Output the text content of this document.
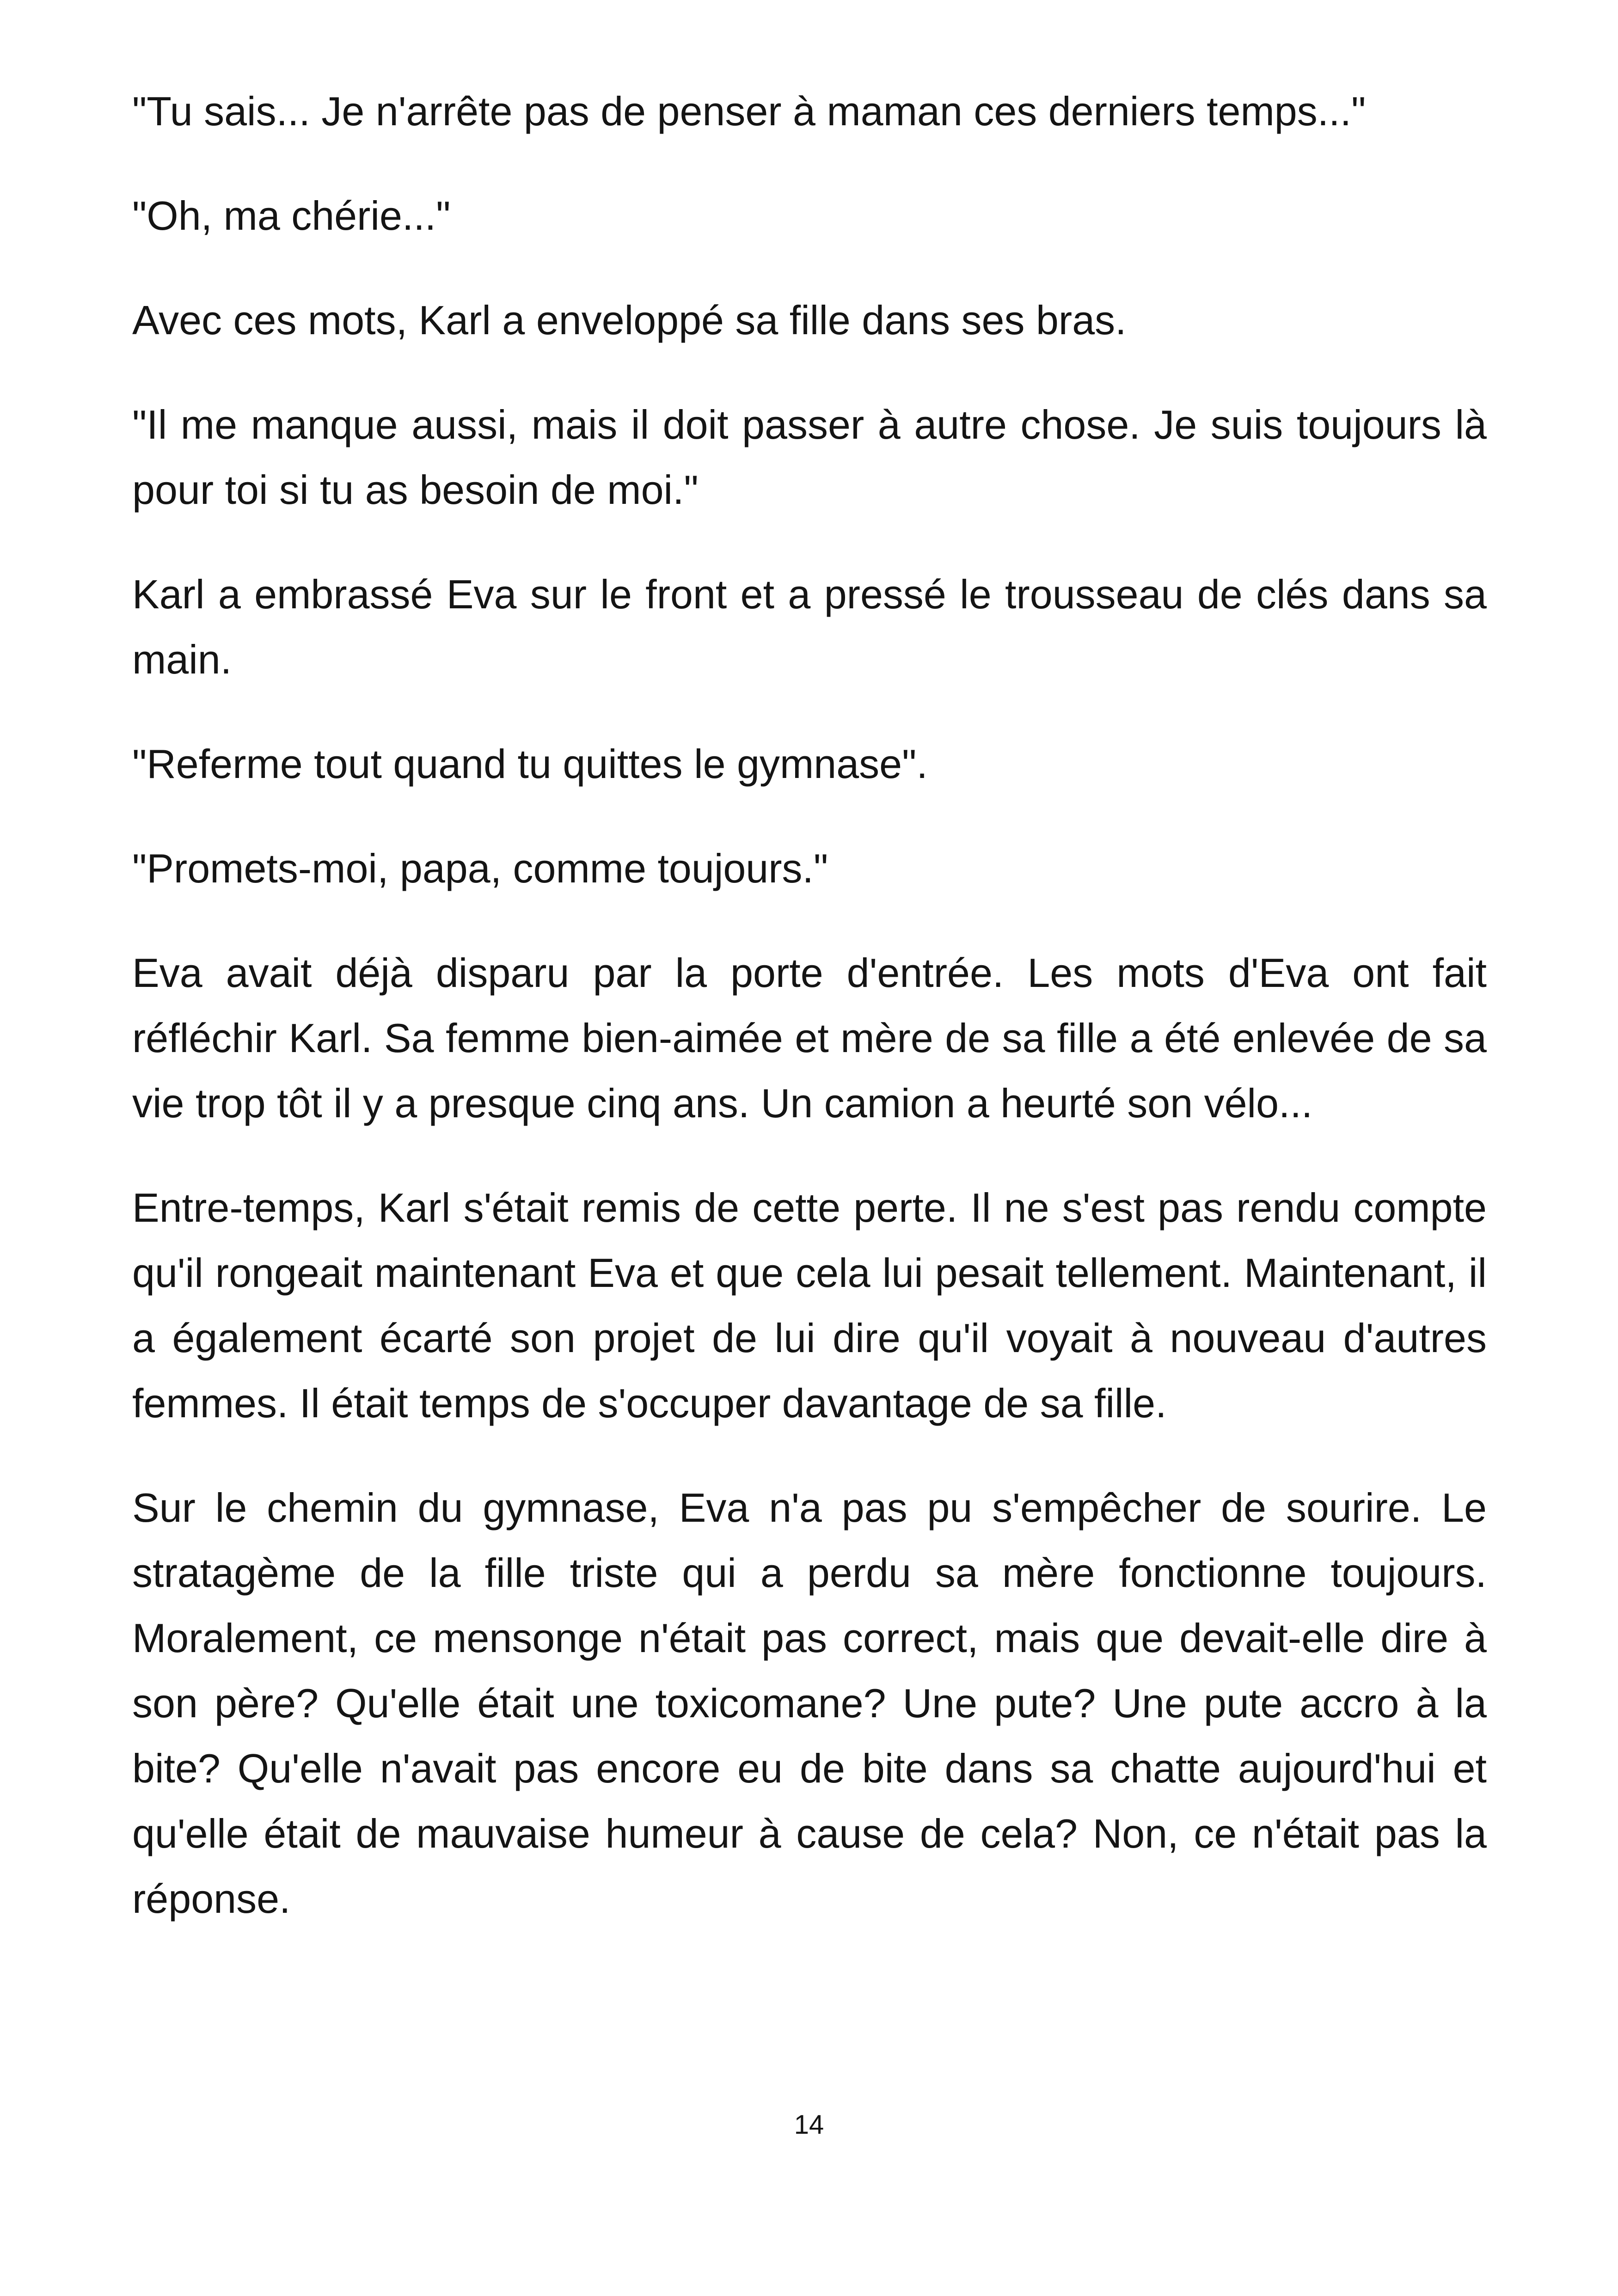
"Tu sais... Je n'arrête pas de penser à maman ces derniers temps..."

"Oh, ma chérie..."

Avec ces mots, Karl a enveloppé sa fille dans ses bras.

"Il me manque aussi, mais il doit passer à autre chose. Je suis toujours là pour toi si tu as besoin de moi."

Karl a embrassé Eva sur le front et a pressé le trousseau de clés dans sa main.

"Referme tout quand tu quittes le gymnase".

"Promets-moi, papa, comme toujours."

Eva avait déjà disparu par la porte d'entrée. Les mots d'Eva ont fait réfléchir Karl. Sa femme bien-aimée et mère de sa fille a été enlevée de sa vie trop tôt il y a presque cinq ans. Un camion a heurté son vélo...

Entre-temps, Karl s'était remis de cette perte. Il ne s'est pas rendu compte qu'il rongeait maintenant Eva et que cela lui pesait tellement. Maintenant, il a également écarté son projet de lui dire qu'il voyait à nouveau d'autres femmes. Il était temps de s'occuper davantage de sa fille.

Sur le chemin du gymnase, Eva n'a pas pu s'empêcher de sourire. Le stratagème de la fille triste qui a perdu sa mère fonctionne toujours. Moralement, ce mensonge n'était pas correct, mais que devait-elle dire à son père? Qu'elle était une toxicomane? Une pute? Une pute accro à la bite? Qu'elle n'avait pas encore eu de bite dans sa chatte aujourd'hui et qu'elle était de mauvaise humeur à cause de cela? Non, ce n'était pas la réponse.

14
